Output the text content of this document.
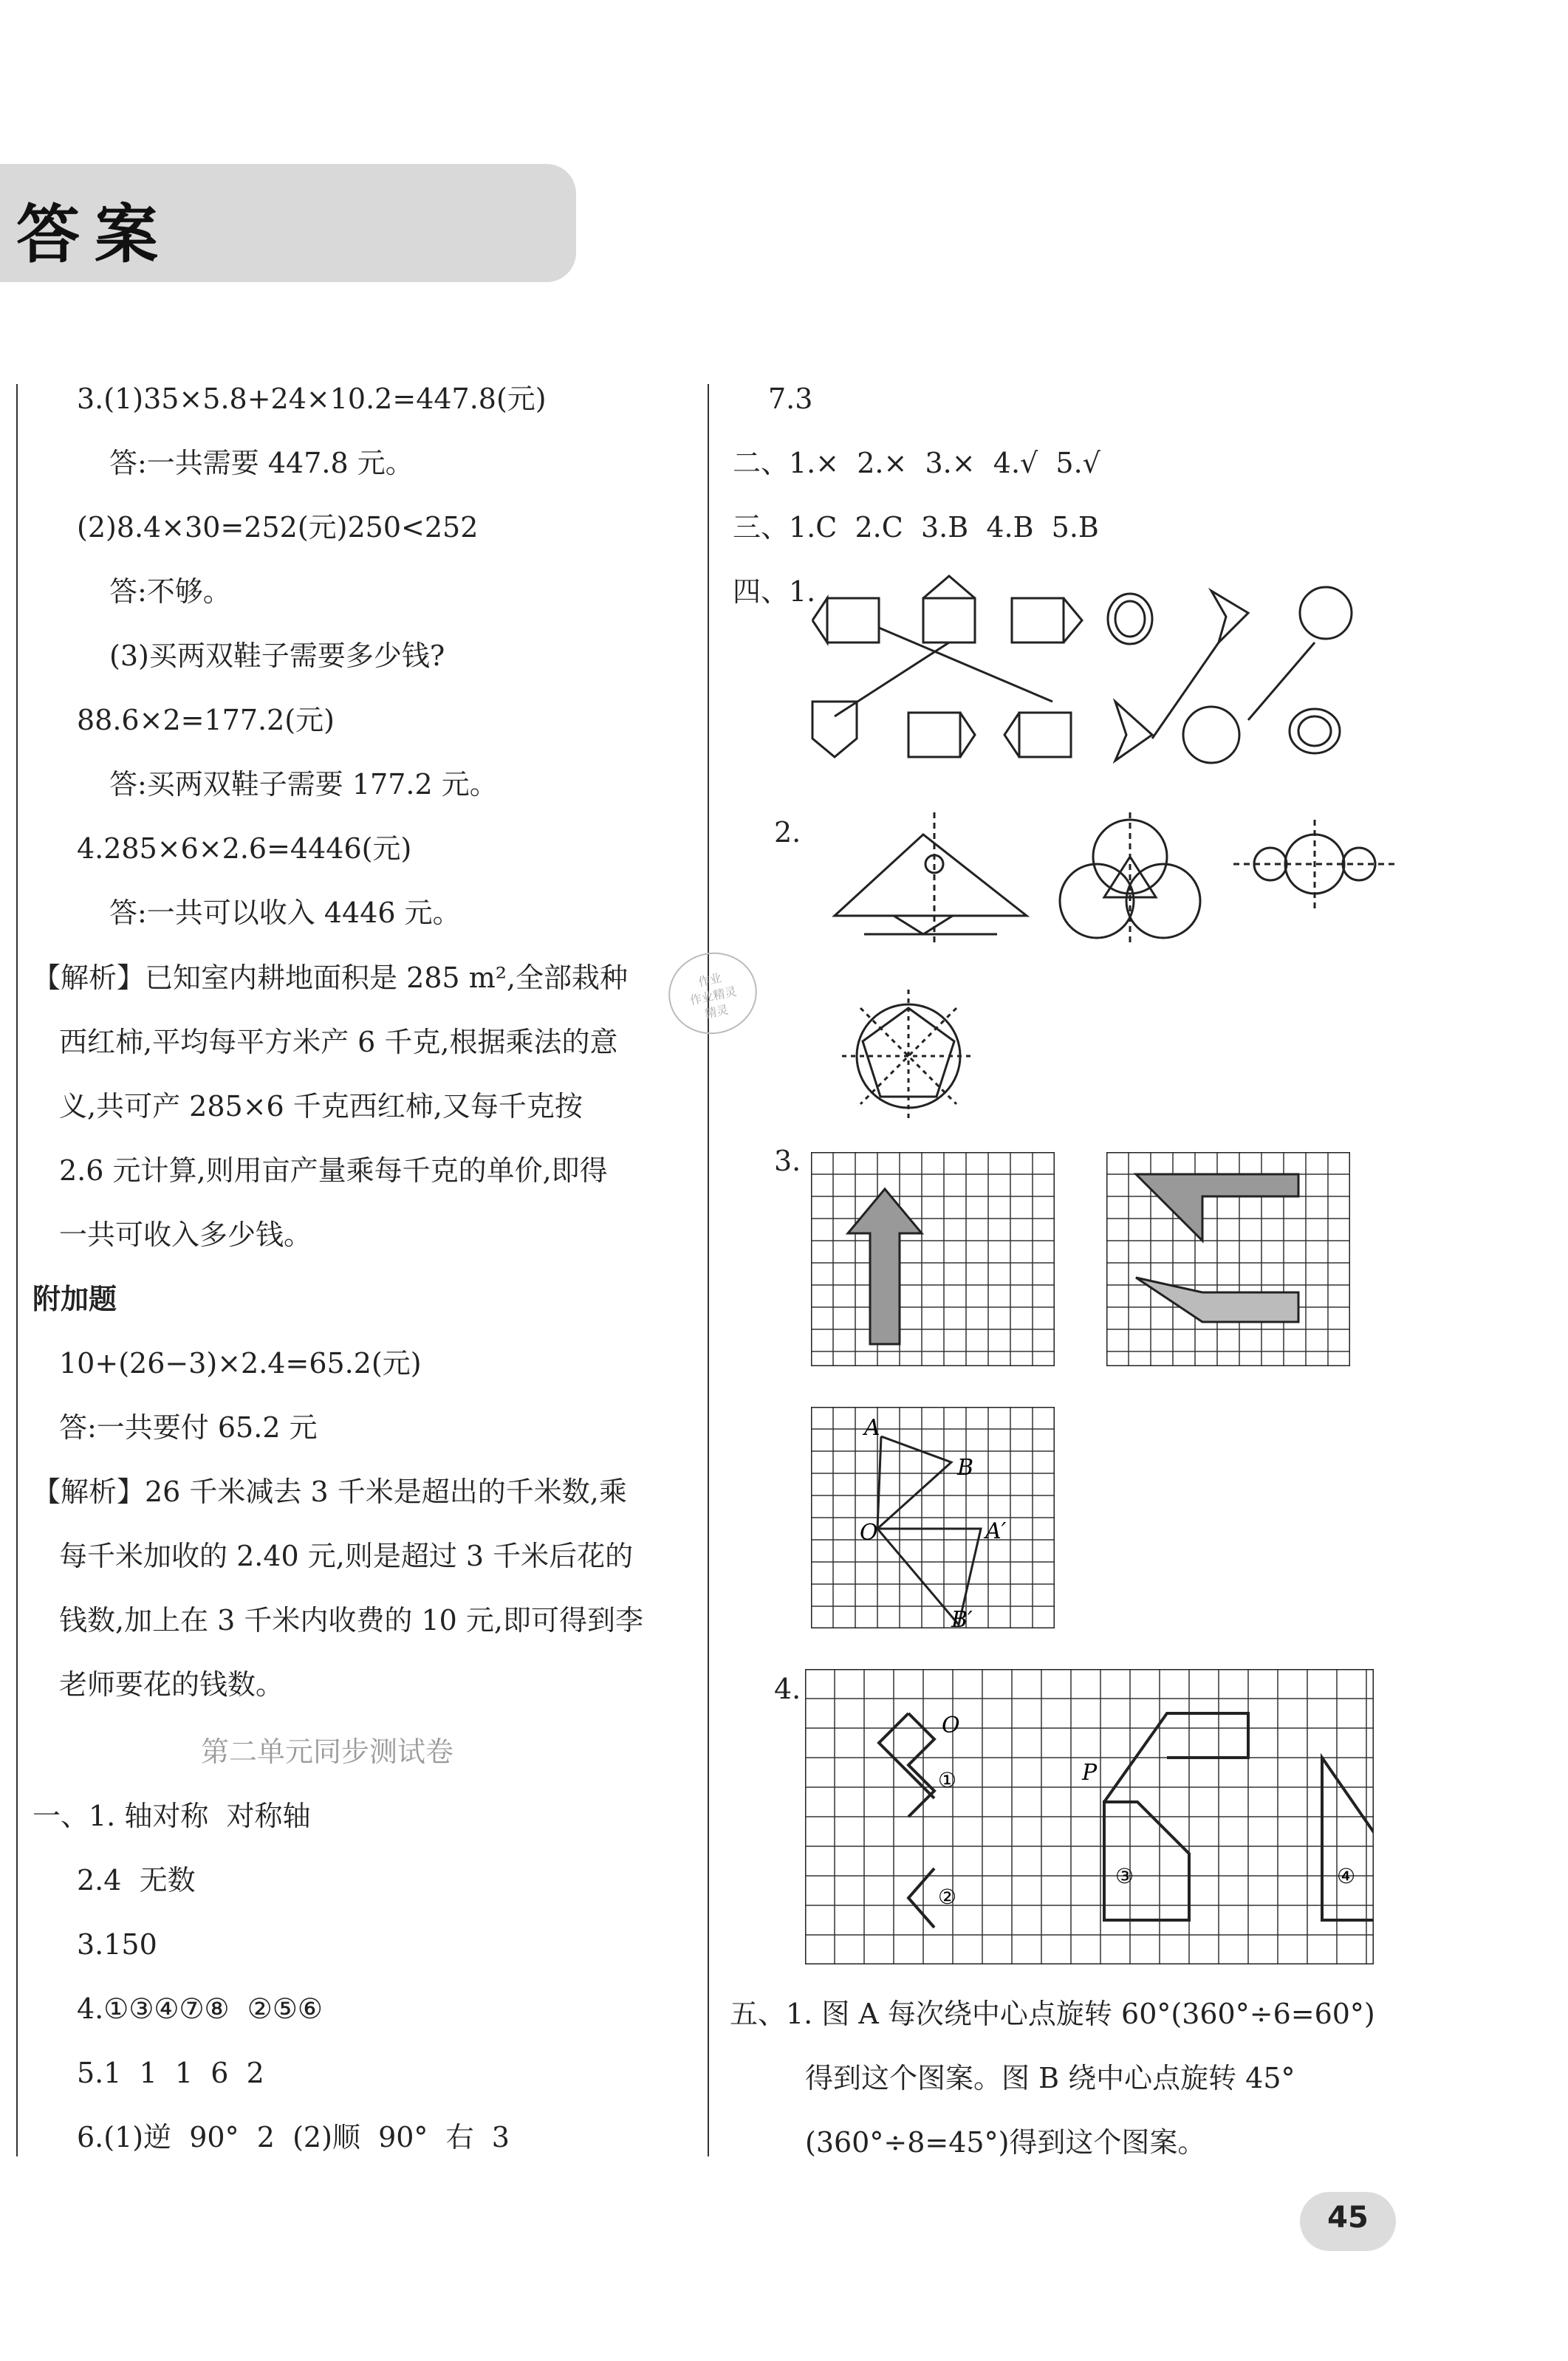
答案
3.(1)35×5.8+24×10.2=447.8(元)
答:一共需要 447.8 元。
(2)8.4×30=252(元)250<252
答:不够。
(3)买两双鞋子需要多少钱?
88.6×2=177.2(元)
答:买两双鞋子需要 177.2 元。
4.285×6×2.6=4446(元)
答:一共可以收入 4446 元。
【解析】已知室内耕地面积是 285 m²,全部栽种
西红柿,平均每平方米产 6 千克,根据乘法的意
义,共可产 285×6 千克西红柿,又每千克按
2.6 元计算,则用亩产量乘每千克的单价,即得
一共可收入多少钱。
附加题
10+(26−3)×2.4=65.2(元)
答:一共要付 65.2 元
【解析】26 千米减去 3 千米是超出的千米数,乘
每千米加收的 2.40 元,则是超过 3 千米后花的
钱数,加上在 3 千米内收费的 10 元,即可得到李
老师要花的钱数。
第二单元同步测试卷
一、1. 轴对称  对称轴
2.4  无数
3.150
4.①③④⑦⑧  ②⑤⑥
5.1  1  1  6  2
6.(1)逆  90°  2  (2)顺  90°  右  3
作业
作业精灵
精灵
7.3
二、1.×  2.×  3.×  4.√  5.√
三、1.C  2.C  3.B  4.B  5.B
四、1.
2.
3.
A
B
O	A′
B′
4.
O
P
①
②
③	④
五、1. 图 A 每次绕中心点旋转 60°(360°÷6=60°)
得到这个图案。图 B 绕中心点旋转 45°
(360°÷8=45°)得到这个图案。
45
